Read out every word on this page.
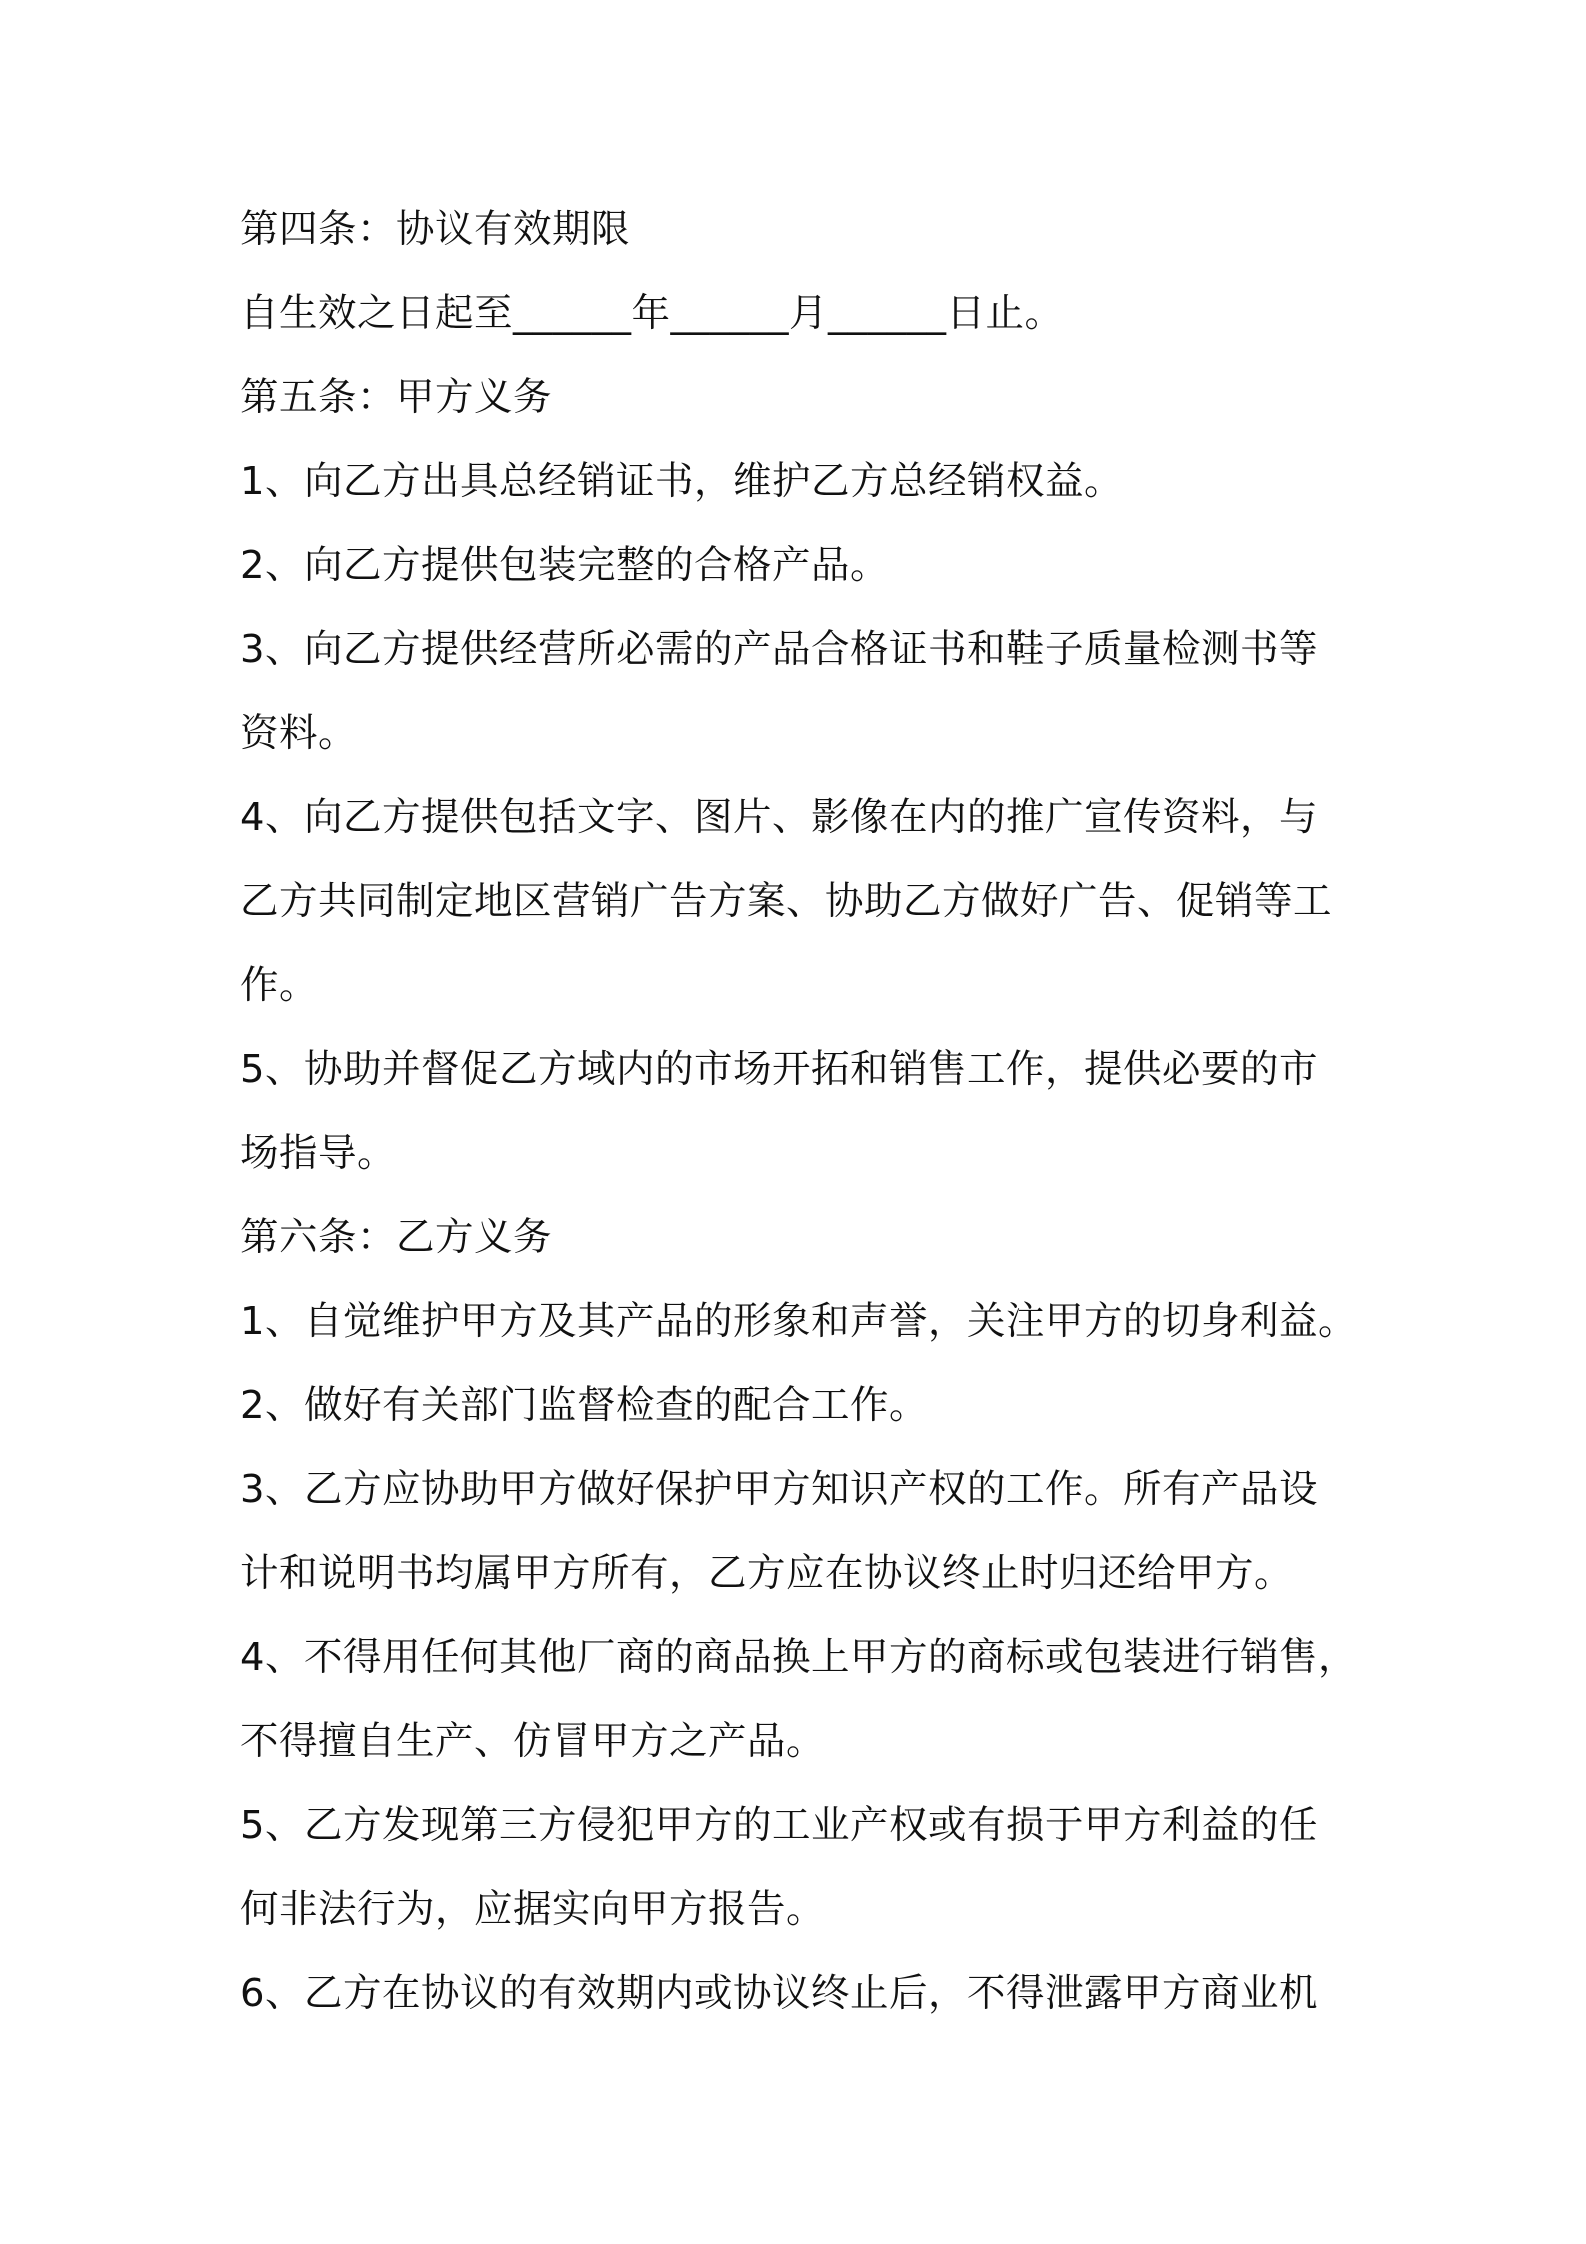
第四条：协议有效期限
自生效之日起至______年______月______日止。
第五条：甲方义务
1、向乙方出具总经销证书，维护乙方总经销权益。
2、向乙方提供包装完整的合格产品。
3、向乙方提供经营所必需的产品合格证书和鞋子质量检测书等
资料。
4、向乙方提供包括文字、图片、影像在内的推广宣传资料，与
乙方共同制定地区营销广告方案、协助乙方做好广告、促销等工
作。
5、协助并督促乙方域内的市场开拓和销售工作，提供必要的市
场指导。
第六条：乙方义务
1、自觉维护甲方及其产品的形象和声誉，关注甲方的切身利益。
2、做好有关部门监督检查的配合工作。
3、乙方应协助甲方做好保护甲方知识产权的工作。所有产品设
计和说明书均属甲方所有，乙方应在协议终止时归还给甲方。
4、不得用任何其他厂商的商品换上甲方的商标或包装进行销售，
不得擅自生产、仿冒甲方之产品。
5、乙方发现第三方侵犯甲方的工业产权或有损于甲方利益的任
何非法行为，应据实向甲方报告。
6、乙方在协议的有效期内或协议终止后，不得泄露甲方商业机
